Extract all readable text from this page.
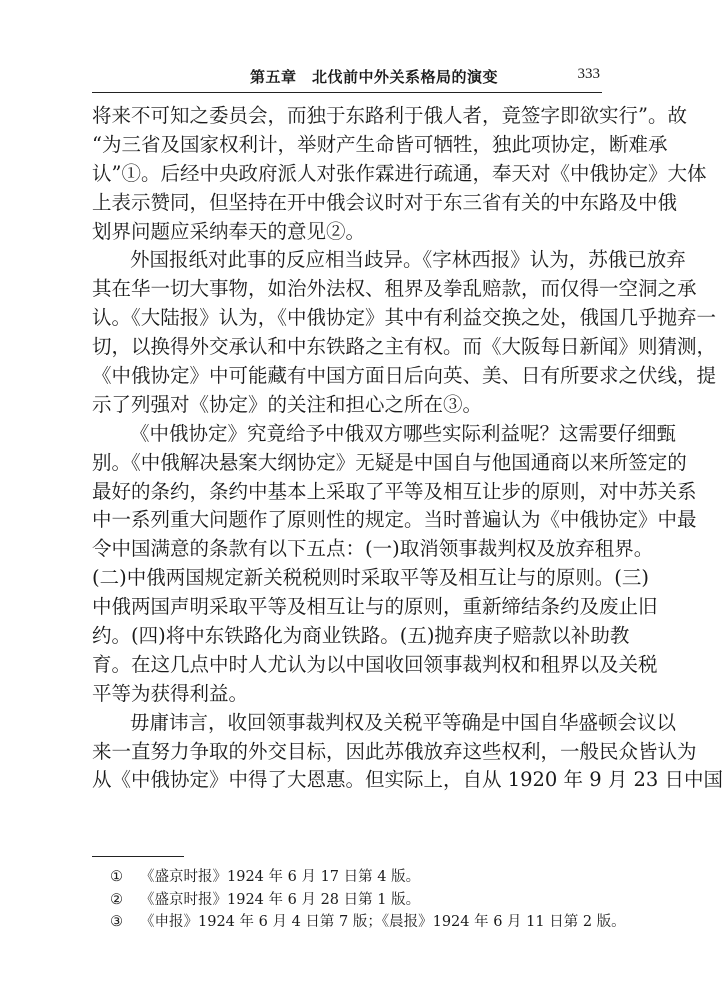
第五章　北伐前中外关系格局的演变	333
将来不可知之委员会，而独于东路利于俄人者，竟签字即欲实行”。故
“为三省及国家权利计，举财产生命皆可牺牲，独此项协定，断难承
认”①。后经中央政府派人对张作霖进行疏通，奉天对《中俄协定》大体
上表示赞同，但坚持在开中俄会议时对于东三省有关的中东路及中俄
划界问题应采纳奉天的意见②。
外国报纸对此事的反应相当歧异。《字林西报》认为，苏俄已放弃
其在华一切大事物，如治外法权、租界及拳乱赔款，而仅得一空洞之承
认。《大陆报》认为，《中俄协定》其中有利益交换之处，俄国几乎抛弃一
切，以换得外交承认和中东铁路之主有权。而《大阪每日新闻》则猜测，
《中俄协定》中可能藏有中国方面日后向英、美、日有所要求之伏线，提
示了列强对《协定》的关注和担心之所在③。
《中俄协定》究竟给予中俄双方哪些实际利益呢？这需要仔细甄
别。《中俄解决悬案大纲协定》无疑是中国自与他国通商以来所签定的
最好的条约，条约中基本上采取了平等及相互让步的原则，对中苏关系
中一系列重大问题作了原则性的规定。当时普遍认为《中俄协定》中最
令中国满意的条款有以下五点：(一)取消领事裁判权及放弃租界。
(二)中俄两国规定新关税税则时采取平等及相互让与的原则。(三)
中俄两国声明采取平等及相互让与的原则，重新缔结条约及废止旧
约。(四)将中东铁路化为商业铁路。(五)抛弃庚子赔款以补助教
育。在这几点中时人尤认为以中国收回领事裁判权和租界以及关税
平等为获得利益。
毋庸讳言，收回领事裁判权及关税平等确是中国自华盛顿会议以
来一直努力争取的外交目标，因此苏俄放弃这些权利，一般民众皆认为
从《中俄协定》中得了大恩惠。但实际上，自从 1920 年 9 月 23 日中国
① 《盛京时报》1924 年 6 月 17 日第 4 版。
② 《盛京时报》1924 年 6 月 28 日第 1 版。
③ 《申报》1924 年 6 月 4 日第 7 版；《晨报》1924 年 6 月 11 日第 2 版。
